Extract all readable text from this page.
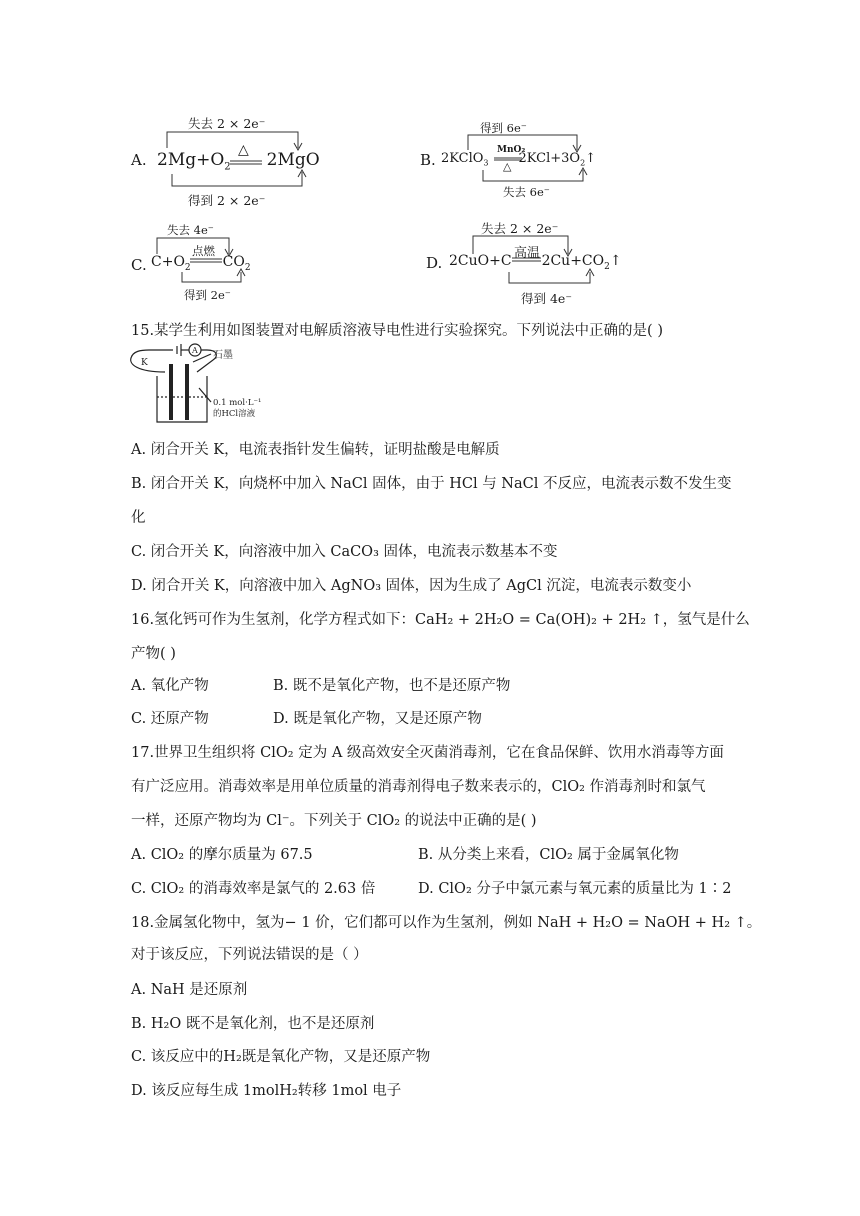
A. $2Mg+O_2$ 2MgO
失去 2 × 2e⁻
得到 2 × 2e⁻
△
B. 2KClO$_3$ $2KCl+3O_2↑$
得到 6e⁻
失去 6e⁻
MnO₂
△
C. $C+O_2$ $CO_2$
失去 4e⁻
得到 2e⁻
点燃
D. 2CuO+C $2Cu+CO_2↑$
失去 2 × 2e⁻
得到 4e⁻
高温
15.某学生利用如图装置对电解质溶液导电性进行实验探究。下列说法中正确的是( )
K
A 石墨
0.1 mol·L⁻¹
的HCl溶液
A. 闭合开关 K，电流表指针发生偏转，证明盐酸是电解质
B. 闭合开关 K，向烧杯中加入 NaCl 固体，由于 HCl 与 NaCl 不反应，电流表示数不发生变
化
C. 闭合开关 K，向溶液中加入 CaCO₃ 固体，电流表示数基本不变
D. 闭合开关 K，向溶液中加入 AgNO₃ 固体，因为生成了 AgCl 沉淀，电流表示数变小
16.氢化钙可作为生氢剂，化学方程式如下：CaH₂ + 2H₂O = Ca(OH)₂ + 2H₂ ↑，氢气是什么
产物( )
A. 氧化产物	B. 既不是氧化产物，也不是还原产物
C. 还原产物	D. 既是氧化产物，又是还原产物
17.世界卫生组织将 ClO₂ 定为 A 级高效安全灭菌消毒剂，它在食品保鲜、饮用水消毒等方面
有广泛应用。消毒效率是用单位质量的消毒剂得电子数来表示的，ClO₂ 作消毒剂时和氯气
一样，还原产物均为 Cl⁻。下列关于 ClO₂ 的说法中正确的是( )
A. ClO₂ 的摩尔质量为 67.5	B. 从分类上来看，ClO₂ 属于金属氧化物
C. ClO₂ 的消毒效率是氯气的 2.63 倍	D. ClO₂ 分子中氯元素与氧元素的质量比为 1∶2
18.金属氢化物中，氢为− 1 价，它们都可以作为生氢剂，例如 NaH + H₂O = NaOH + H₂ ↑。
对于该反应，下列说法错误的是（ ）
A. NaH 是还原剂
B. H₂O 既不是氧化剂，也不是还原剂
C. 该反应中的H₂既是氧化产物，又是还原产物
D. 该反应每生成 1molH₂转移 1mol 电子
